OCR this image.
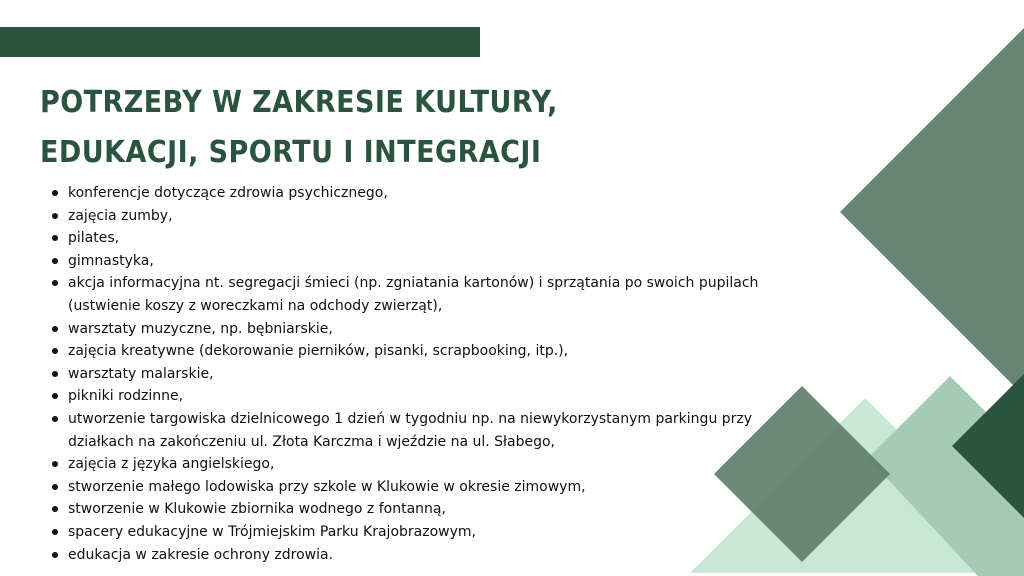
POTRZEBY W ZAKRESIE KULTURY, EDUKACJI, SPORTU I INTEGRACJI
konferencje dotyczące zdrowia psychicznego,
zajęcia zumby,
pilates,
gimnastyka,
akcja informacyjna nt. segregacji śmieci (np. zgniatania kartonów) i sprzątania po swoich pupilach (ustwienie koszy z woreczkami na odchody zwierząt),
warsztaty muzyczne, np. bębniarskie,
zajęcia kreatywne (dekorowanie pierników, pisanki, scrapbooking, itp.),
warsztaty malarskie,
pikniki rodzinne,
utworzenie targowiska dzielnicowego 1 dzień w tygodniu np. na niewykorzystanym parkingu przy działkach na zakończeniu ul. Złota Karczma i wjeździe na ul. Słabego,
zajęcia z języka angielskiego,
stworzenie małego lodowiska przy szkole w Klukowie w okresie zimowym,
stworzenie w Klukowie zbiornika wodnego z fontanną,
spacery edukacyjne w Trójmiejskim Parku Krajobrazowym,
edukacja w zakresie ochrony zdrowia.
